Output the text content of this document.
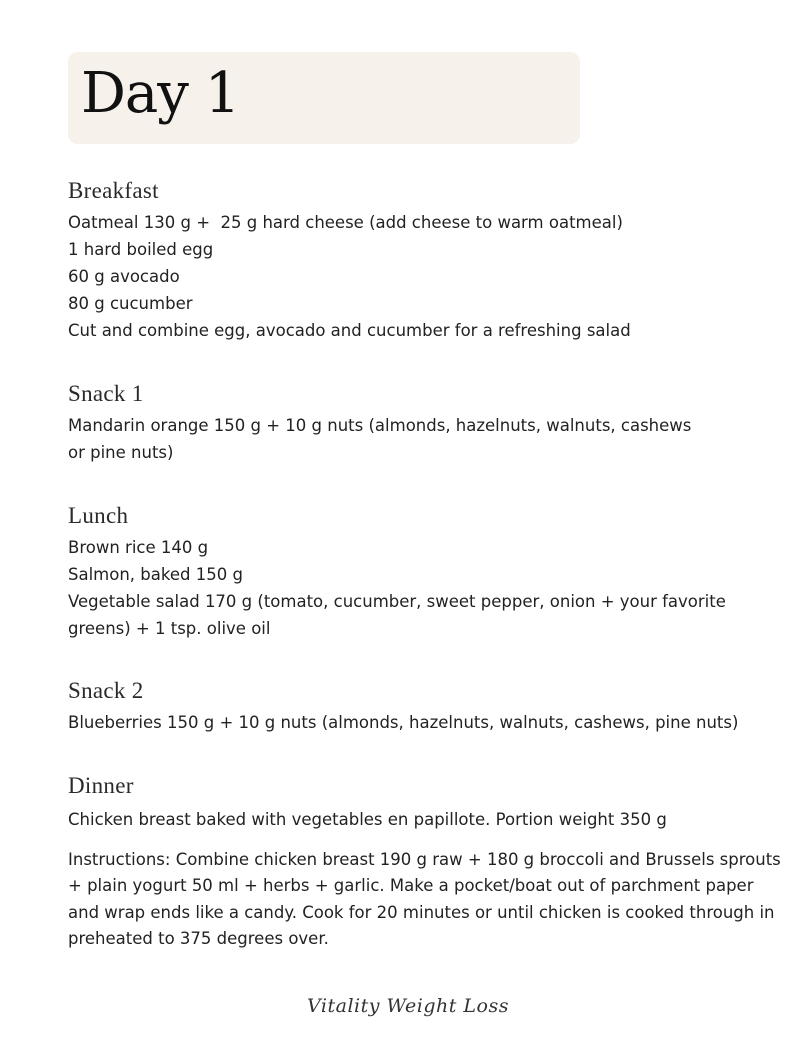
Day 1
Breakfast
Oatmeal 130 g +  25 g hard cheese (add cheese to warm oatmeal)
1 hard boiled egg
60 g avocado
80 g cucumber
Cut and combine egg, avocado and cucumber for a refreshing salad
Snack 1
Mandarin orange 150 g + 10 g nuts (almonds, hazelnuts, walnuts, cashews
or pine nuts)
Lunch
Brown rice 140 g
Salmon, baked 150 g
Vegetable salad 170 g (tomato, cucumber, sweet pepper, onion + your favorite
greens) + 1 tsp. olive oil
Snack 2
Blueberries 150 g + 10 g nuts (almonds, hazelnuts, walnuts, cashews, pine nuts)
Dinner

Chicken breast baked with vegetables en papillote. Portion weight 350 g

Instructions: Combine chicken breast 190 g raw + 180 g broccoli and Brussels sprouts + plain yogurt 50 ml + herbs + garlic. Make a pocket/boat out of parchment paper and wrap ends like a candy. Cook for 20 minutes or until chicken is cooked through in preheated to 375 degrees over.

Vitality Weight Loss
